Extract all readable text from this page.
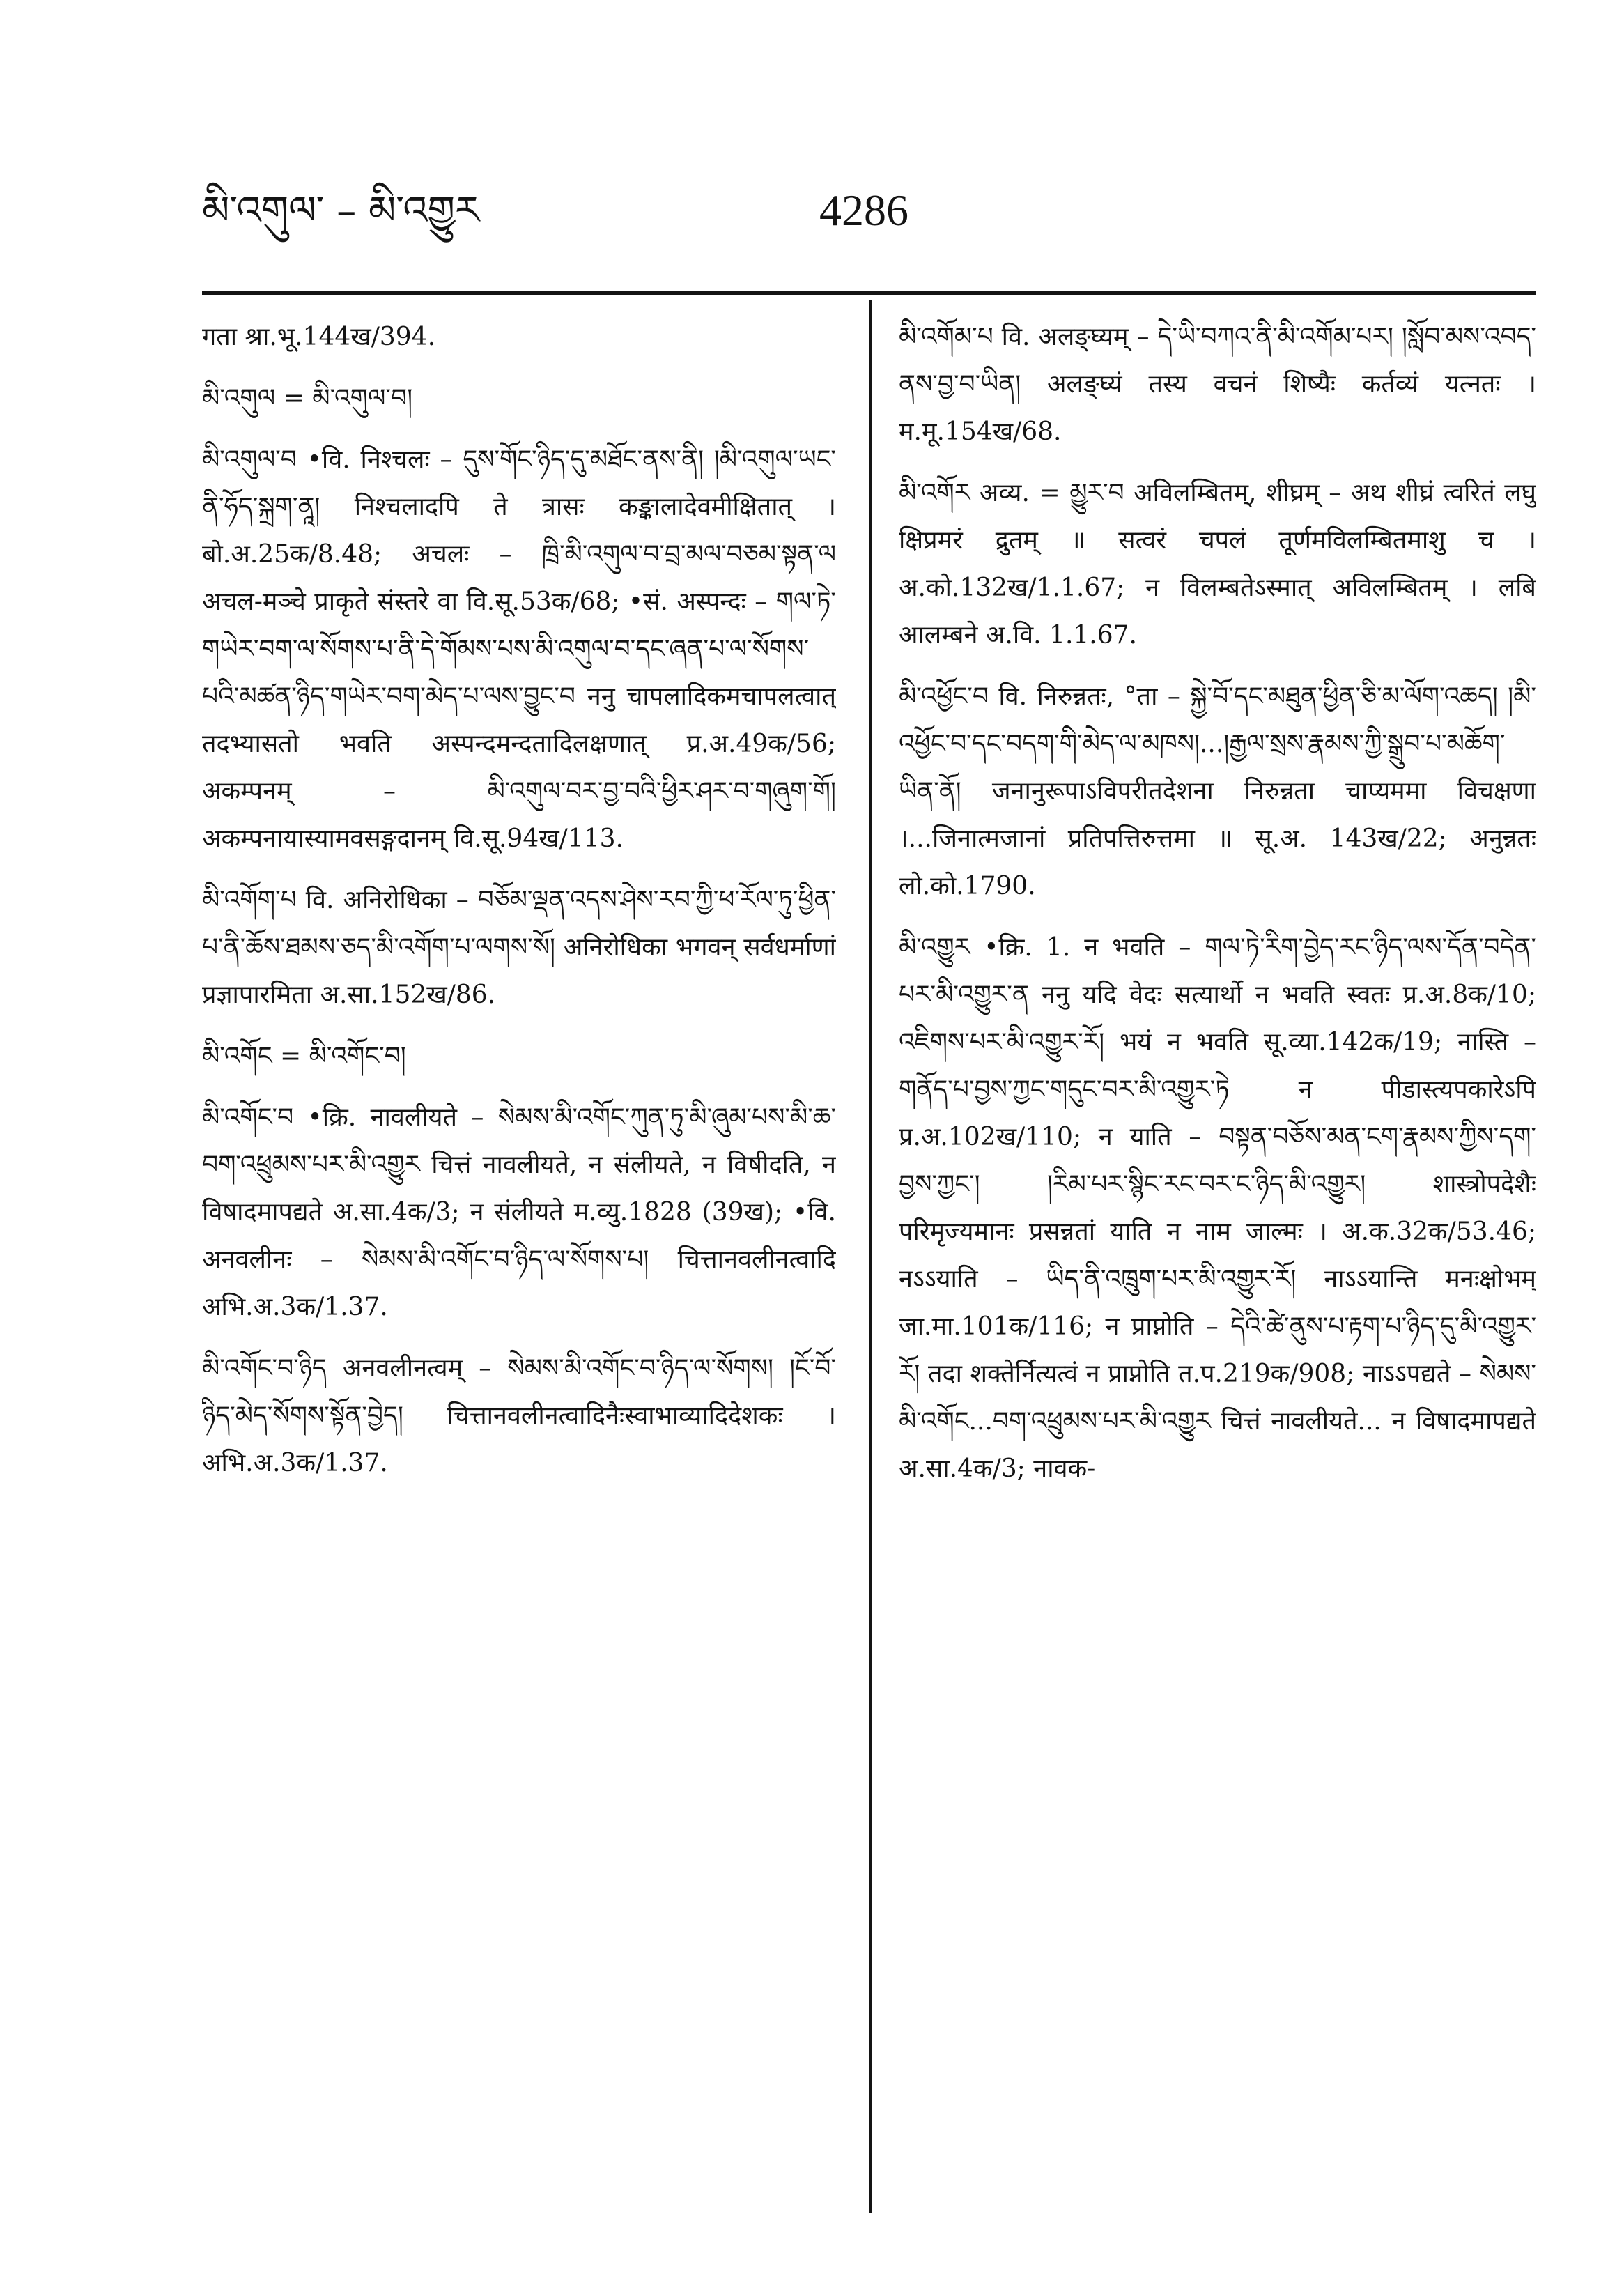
མི་འགུལ་ – མི་འགྱུར	4286

गता श्रा.भू.144ख/394.

མི་འགུལ = མི་འགུལ་བ།

མི་འགུལ་བ •वि. निश्चलः – དུས་གོང་ཉིད་དུ་མཐོང་ནས་ནི། །མི་འགུལ་ཡང་ནི་ཧོད་སྐྲག་ནཱ། निश्चलादपि ते त्रासः कङ्कालादेवमीक्षितात् । बो.अ.25क/8.48; अचलः – ཁྲི་མི་འགུལ་བ་བྲ་མལ་བཅམ་སྟན་ལ अचल-मञ्चे प्राकृते संस्तरे वा वि.सू.53क/68; •सं. अस्पन्दः – གལ་ཏེ་གཡེར་བག་ལ་སོགས་པ་ནི་དེ་གོམས་པས་མི་འགུལ་བ་དང་ཞན་པ་ལ་སོགས་པའི་མཚན་ཉིད་གཡེར་བག་མེད་པ་ལས་བྱུང་བ ननु चापलादिकमचापलत्वात् तदभ्यासतो भवति अस्पन्दमन्दतादिलक्षणात् प्र.अ.49क/56; अकम्पनम् – མི་འགུལ་བར་བྱ་བའི་ཕྱིར་ཤར་བ་གཞུག་གོ། अकम्पनायास्यामवसङ्गदानम् वि.सू.94ख/113.

མི་འགོག་པ वि. अनिरोधिका – བཅོམ་ལྡན་འདས་ཤེས་རབ་ཀྱི་ཕ་རོལ་ཏུ་ཕྱིན་པ་ནི་ཆོས་ཐམས་ཅད་མི་འགོག་པ་ལགས་སོ། अनिरोधिका भगवन् सर्वधर्माणां प्रज्ञापारमिता अ.सा.152ख/86.

མི་འགོང = མི་འགོང་བ།

མི་འགོང་བ •क्रि. नावलीयते – སེམས་མི་འགོང་ཀུན་ཏུ་མི་ཞུམ་པས་མི་ཆ་བག་འཕྲུམས་པར་མི་འགྱུར चित्तं नावलीयते, न संलीयते, न विषीदति, न विषादमापद्यते अ.सा.4क/3; न संलीयते म.व्यु.1828 (39ख); •वि. अनवलीनः – སེམས་མི་འགོང་བ་ཉིད་ལ་སོགས་པ། चित्तानवलीनत्वादि अभि.अ.3क/1.37.

མི་འགོང་བ་ཉིད अनवलीनत्वम् – སེམས་མི་འགོང་བ་ཉིད་ལ་སོགས། །ངོ་བོ་ཉིད་མེད་སོགས་སྟོན་བྱེད། चित्तानवलीनत्वादिनैःस्वाभाव्यादिदेशकः । अभि.अ.3क/1.37.

མི་འགོམ་པ वि. अलङ्घ्यम् – དེ་ཡི་བཀའ་ནི་མི་འགོམ་པར། །སློབ་མས་འབད་ནས་བྱ་བ་ཡིན། अलङ्घ्यं तस्य वचनं शिष्यैः कर्तव्यं यत्नतः । म.मू.154ख/68.

མི་འགོར अव्य. = མྱུར་བ अविलम्बितम्, शीघ्रम् – अथ शीघ्रं त्वरितं लघु क्षिप्रमरं द्रुतम् ॥ सत्वरं चपलं तूर्णमविलम्बितमाशु च । अ.को.132ख/1.1.67; न विलम्बतेऽस्मात् अविलम्बितम् । लबि आलम्बने अ.वि. 1.1.67.

མི་འཕྱོང་བ वि. निरुन्नतः, °ता – སྐྱེ་བོ་དང་མཐུན་ཕྱིན་ཅི་མ་ལོག་འཆད། །མི་འཕྱོང་བ་དང་བདག་གི་མེད་ལ་མཁས།...།རྒྱལ་སྲས་རྣམས་ཀྱི་སྒྲུབ་པ་མཆོག་ཡིན་ནོ། जनानुरूपाऽविपरीतदेशना निरुन्नता चाप्यममा विचक्षणा ।...जिनात्मजानां प्रतिपत्तिरुत्तमा ॥ सू.अ. 143ख/22; अनुन्नतः लो.को.1790.

མི་འགྱུར •क्रि. 1. न भवति – གལ་ཏེ་རིག་བྱེད་རང་ཉིད་ལས་དོན་བདེན་པར་མི་འགྱུར་ན ननु यदि वेदः सत्यार्थो न भवति स्वतः प्र.अ.8क/10; འཇིགས་པར་མི་འགྱུར་རོ། भयं न भवति सू.व्या.142क/19; नास्ति – གནོད་པ་བྱས་ཀྱང་གདུང་བར་མི་འགྱུར་ཏེ न पीडास्त्यपकारेऽपि प्र.अ.102ख/110; न याति – བསྟན་བཅོས་མན་ངག་རྣམས་ཀྱིས་དག་བྱས་ཀྱང་། །རིམ་པར་སྙིང་རང་བར་ང་ཉིད་མི་འགྱུར། शास्त्रोपदेशैः परिमृज्यमानः प्रसन्नतां याति न नाम जाल्मः । अ.क.32क/53.46; नऽऽयाति – ཡིད་ནི་འཁྲུག་པར་མི་འགྱུར་རོ། नाऽऽयान्ति मनःक्षोभम् जा.मा.101क/116; न प्राप्नोति – དེའི་ཚེ་ནུས་པ་རྟག་པ་ཉིད་དུ་མི་འགྱུར་རོ། तदा शक्तेर्नित्यत्वं न प्राप्नोति त.प.219क/908; नाऽऽपद्यते – སེམས་མི་འགོང...བག་འཕྲུམས་པར་མི་འགྱུར चित्तं नावलीयते... न विषादमापद्यते अ.सा.4क/3; नावक-
